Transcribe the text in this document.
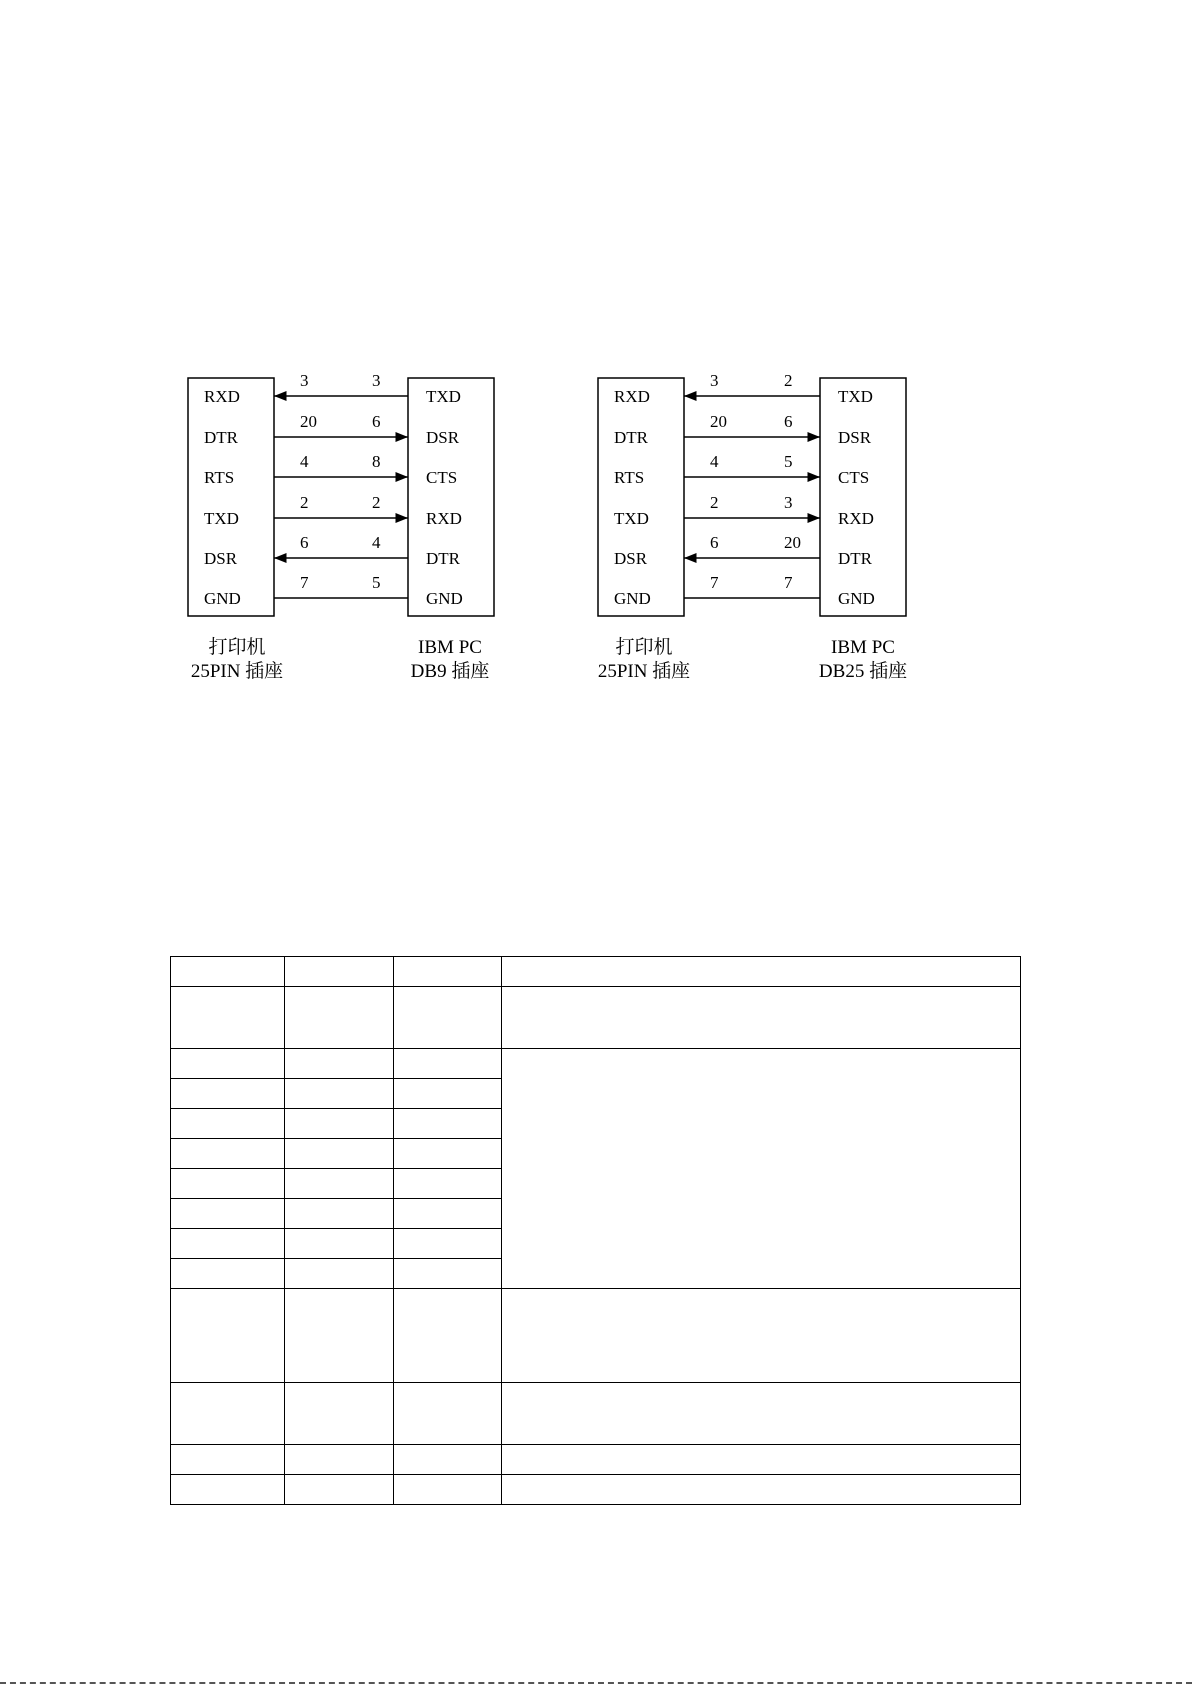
RXD
DTR
RTS
TXD
DSR
GND
TXD
DSR
CTS
RXD
DTR
GND
3
20
4
2
6
7
3
6
8
2
4
5
打印机
25PIN 插座
IBM PC
DB9 插座
RXD
DTR
RTS
TXD
DSR
GND
TXD
DSR
CTS
RXD
DTR
GND
3
20
4
2
6
7
2
6
5
3
20
7
打印机
25PIN 插座
IBM PC
DB25 插座
